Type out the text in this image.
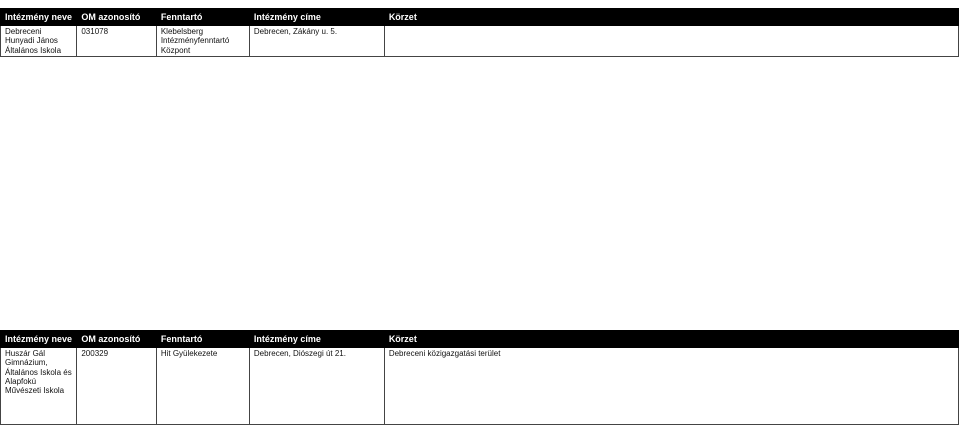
Intézmény neve	OM azonosító	Fenntartó	Intézmény címe	Körzet
Debreceni Hunyadi János Általános Iskola	031078	Klebelsberg Intézményfenntartó Központ	Debrecen, Zákány u. 5.	
Intézmény neve	OM azonosító	Fenntartó	Intézmény címe	Körzet
Huszár Gál Gimnázium, Általános Iskola és Alapfokú Művészeti Iskola	200329	Hit Gyülekezete	Debrecen, Diószegi út 21.	Debreceni közigazgatási terület
